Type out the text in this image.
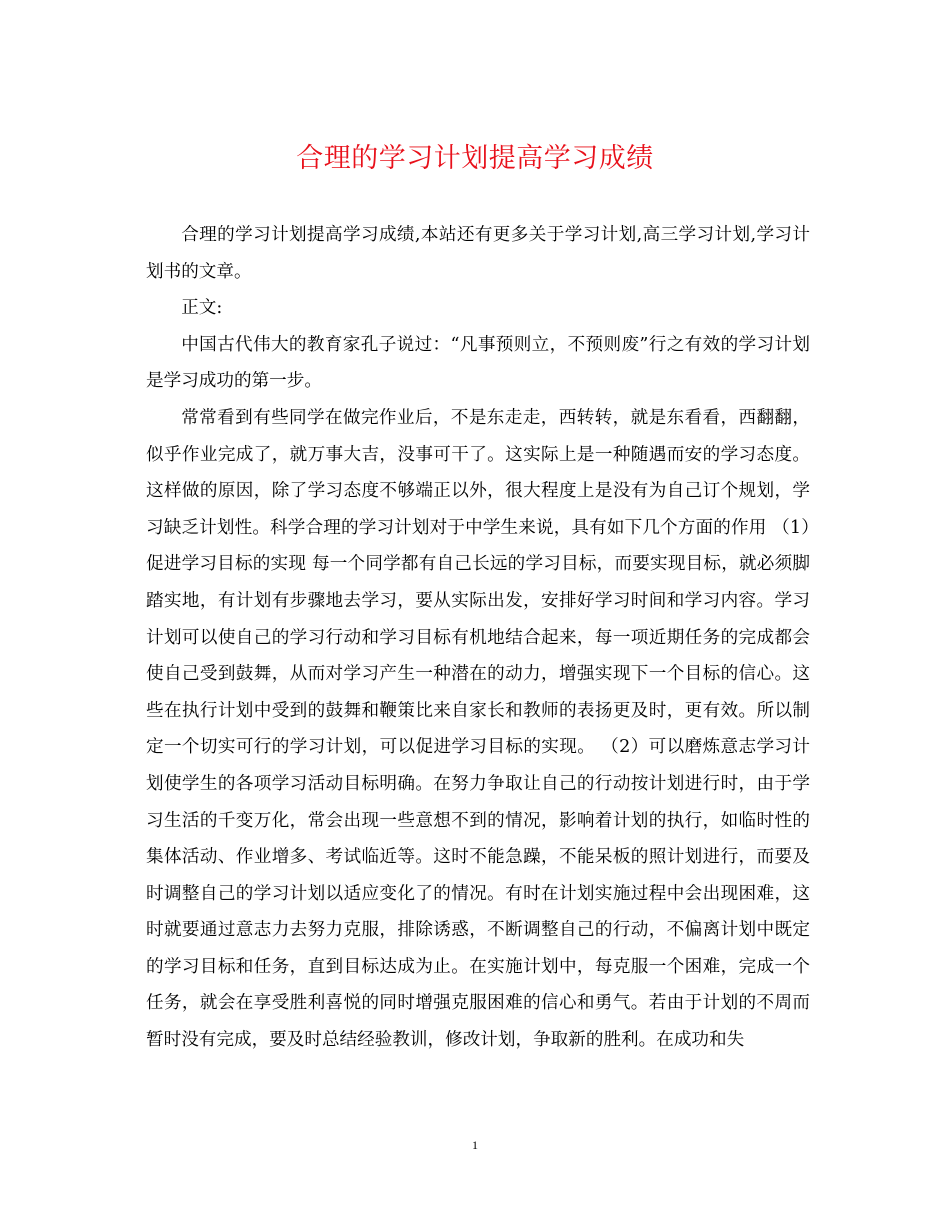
合理的学习计划提高学习成绩

合理的学习计划提高学习成绩,本站还有更多关于学习计划,高三学习计划,学习计划书的文章。

正文:

中国古代伟大的教育家孔子说过：“凡事预则立，不预则废”行之有效的学习计划是学习成功的第一步。

常常看到有些同学在做完作业后，不是东走走，西转转，就是东看看，西翻翻，似乎作业完成了，就万事大吉，没事可干了。这实际上是一种随遇而安的学习态度。这样做的原因，除了学习态度不够端正以外，很大程度上是没有为自己订个规划，学习缺乏计划性。科学合理的学习计划对于中学生来说，具有如下几个方面的作用 （1）促进学习目标的实现 每一个同学都有自己长远的学习目标，而要实现目标，就必须脚踏实地，有计划有步骤地去学习，要从实际出发，安排好学习时间和学习内容。学习计划可以使自己的学习行动和学习目标有机地结合起来，每一项近期任务的完成都会使自己受到鼓舞，从而对学习产生一种潜在的动力，增强实现下一个目标的信心。这些在执行计划中受到的鼓舞和鞭策比来自家长和教师的表扬更及时，更有效。所以制定一个切实可行的学习计划，可以促进学习目标的实现。 （2）可以磨炼意志学习计划使学生的各项学习活动目标明确。在努力争取让自己的行动按计划进行时，由于学习生活的千变万化，常会出现一些意想不到的情况，影响着计划的执行，如临时性的集体活动、作业增多、考试临近等。这时不能急躁，不能呆板的照计划进行，而要及时调整自己的学习计划以适应变化了的情况。有时在计划实施过程中会出现困难，这时就要通过意志力去努力克服，排除诱惑，不断调整自己的行动，不偏离计划中既定的学习目标和任务，直到目标达成为止。在实施计划中，每克服一个困难，完成一个任务，就会在享受胜利喜悦的同时增强克服困难的信心和勇气。若由于计划的不周而暂时没有完成，要及时总结经验教训，修改计划，争取新的胜利。在成功和失

1
